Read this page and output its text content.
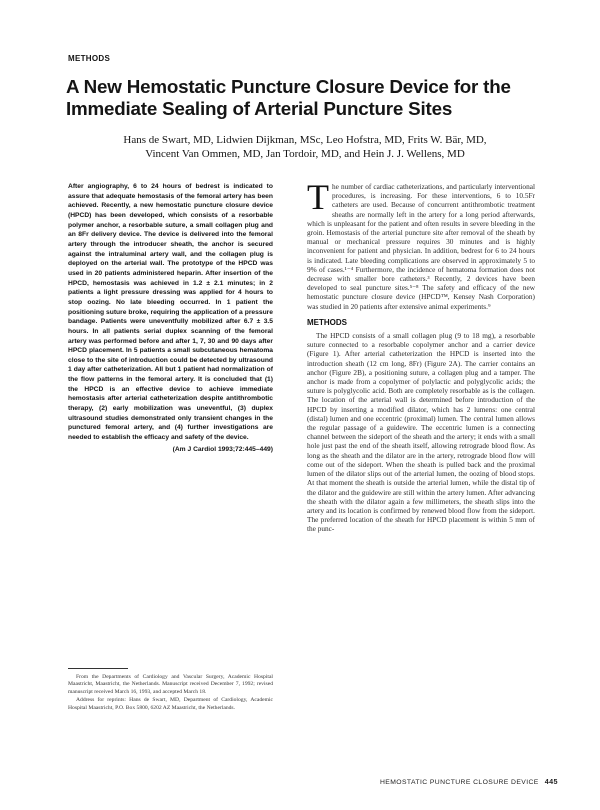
METHODS
A New Hemostatic Puncture Closure Device for the Immediate Sealing of Arterial Puncture Sites
Hans de Swart, MD, Lidwien Dijkman, MSc, Leo Hofstra, MD, Frits W. Bär, MD,
Vincent Van Ommen, MD, Jan Tordoir, MD, and Hein J. J. Wellens, MD

After angiography, 6 to 24 hours of bedrest is indicated to assure that adequate hemostasis of the femoral artery has been achieved. Recently, a new hemostatic puncture closure device (HPCD) has been developed, which consists of a resorbable polymer anchor, a resorbable suture, a small collagen plug and an 8Fr delivery device. The device is delivered into the femoral artery through the introducer sheath, the anchor is secured against the intraluminal artery wall, and the collagen plug is deployed on the arterial wall. The prototype of the HPCD was used in 20 patients administered heparin. After insertion of the HPCD, hemostasis was achieved in 1.2 ± 2.1 minutes; in 2 patients a light pressure dressing was applied for 4 hours to stop oozing. No late bleeding occurred. In 1 patient the positioning suture broke, requiring the application of a pressure bandage. Patients were uneventfully mobilized after 6.7 ± 3.5 hours. In all patients serial duplex scanning of the femoral artery was performed before and after 1, 7, 30 and 90 days after HPCD placement. In 5 patients a small subcutaneous hematoma close to the site of introduction could be detected by ultrasound 1 day after catheterization. All but 1 patient had normalization of the flow patterns in the femoral artery. It is concluded that (1) the HPCD is an effective device to achieve immediate hemostasis after arterial catheterization despite antithrombotic therapy, (2) early mobilization was uneventful, (3) duplex ultrasound studies demonstrated only transient changes in the punctured femoral artery, and (4) further investigations are needed to establish the efficacy and safety of the device.

(Am J Cardiol 1993;72:445–449)

From the Departments of Cardiology and Vascular Surgery, Academic Hospital Maastricht, Maastricht, the Netherlands. Manuscript received December 7, 1992; revised manuscript received March 16, 1993, and accepted March 18.

Address for reprints: Hans de Swart, MD, Department of Cardiology, Academic Hospital Maastricht, P.O. Box 5800, 6202 AZ Maastricht, the Netherlands.

The number of cardiac catheterizations, and particularly interventional procedures, is increasing. For these interventions, 6 to 10.5Fr catheters are used. Because of concurrent antithrombotic treatment sheaths are normally left in the artery for a long period afterwards, which is unpleasant for the patient and often results in severe bleeding in the groin. Hemostasis of the arterial puncture site after removal of the sheath by manual or mechanical pressure requires 30 minutes and is highly inconvenient for patient and physician. In addition, bedrest for 6 to 24 hours is indicated. Late bleeding complications are observed in approximately 5 to 9% of cases.¹⁻⁴ Furthermore, the incidence of hematoma formation does not decrease with smaller bore catheters.³ Recently, 2 devices have been developed to seal puncture sites.⁵⁻⁸ The safety and efficacy of the new hemostatic puncture closure device (HPCD™, Kensey Nash Corporation) was studied in 20 patients after extensive animal experiments.⁹

METHODS

The HPCD consists of a small collagen plug (9 to 18 mg), a resorbable suture connected to a resorbable copolymer anchor and a carrier device (Figure 1). After arterial catheterization the HPCD is inserted into the introduction sheath (12 cm long, 8Fr) (Figure 2A). The carrier contains an anchor (Figure 2B), a positioning suture, a collagen plug and a tamper. The anchor is made from a copolymer of polylactic and polyglycolic acids; the suture is polyglycolic acid. Both are completely resorbable as is the collagen. The location of the arterial wall is determined before introduction of the HPCD by inserting a modified dilator, which has 2 lumens: one central (distal) lumen and one eccentric (proximal) lumen. The central lumen allows the regular passage of a guidewire. The eccentric lumen is a connecting channel between the sideport of the sheath and the artery; it ends with a small hole just past the end of the sheath itself, allowing retrograde blood flow. As long as the sheath and the dilator are in the artery, retrograde blood flow will come out of the sideport. When the sheath is pulled back and the proximal lumen of the dilator slips out of the arterial lumen, the oozing of blood stops. At that moment the sheath is outside the arterial lumen, while the distal tip of the dilator and the guidewire are still within the artery lumen. After advancing the sheath with the dilator again a few millimeters, the sheath slips into the artery and its location is confirmed by renewed blood flow from the sideport. The preferred location of the sheath for HPCD placement is within 5 mm of the punc-

HEMOSTATIC PUNCTURE CLOSURE DEVICE 445
